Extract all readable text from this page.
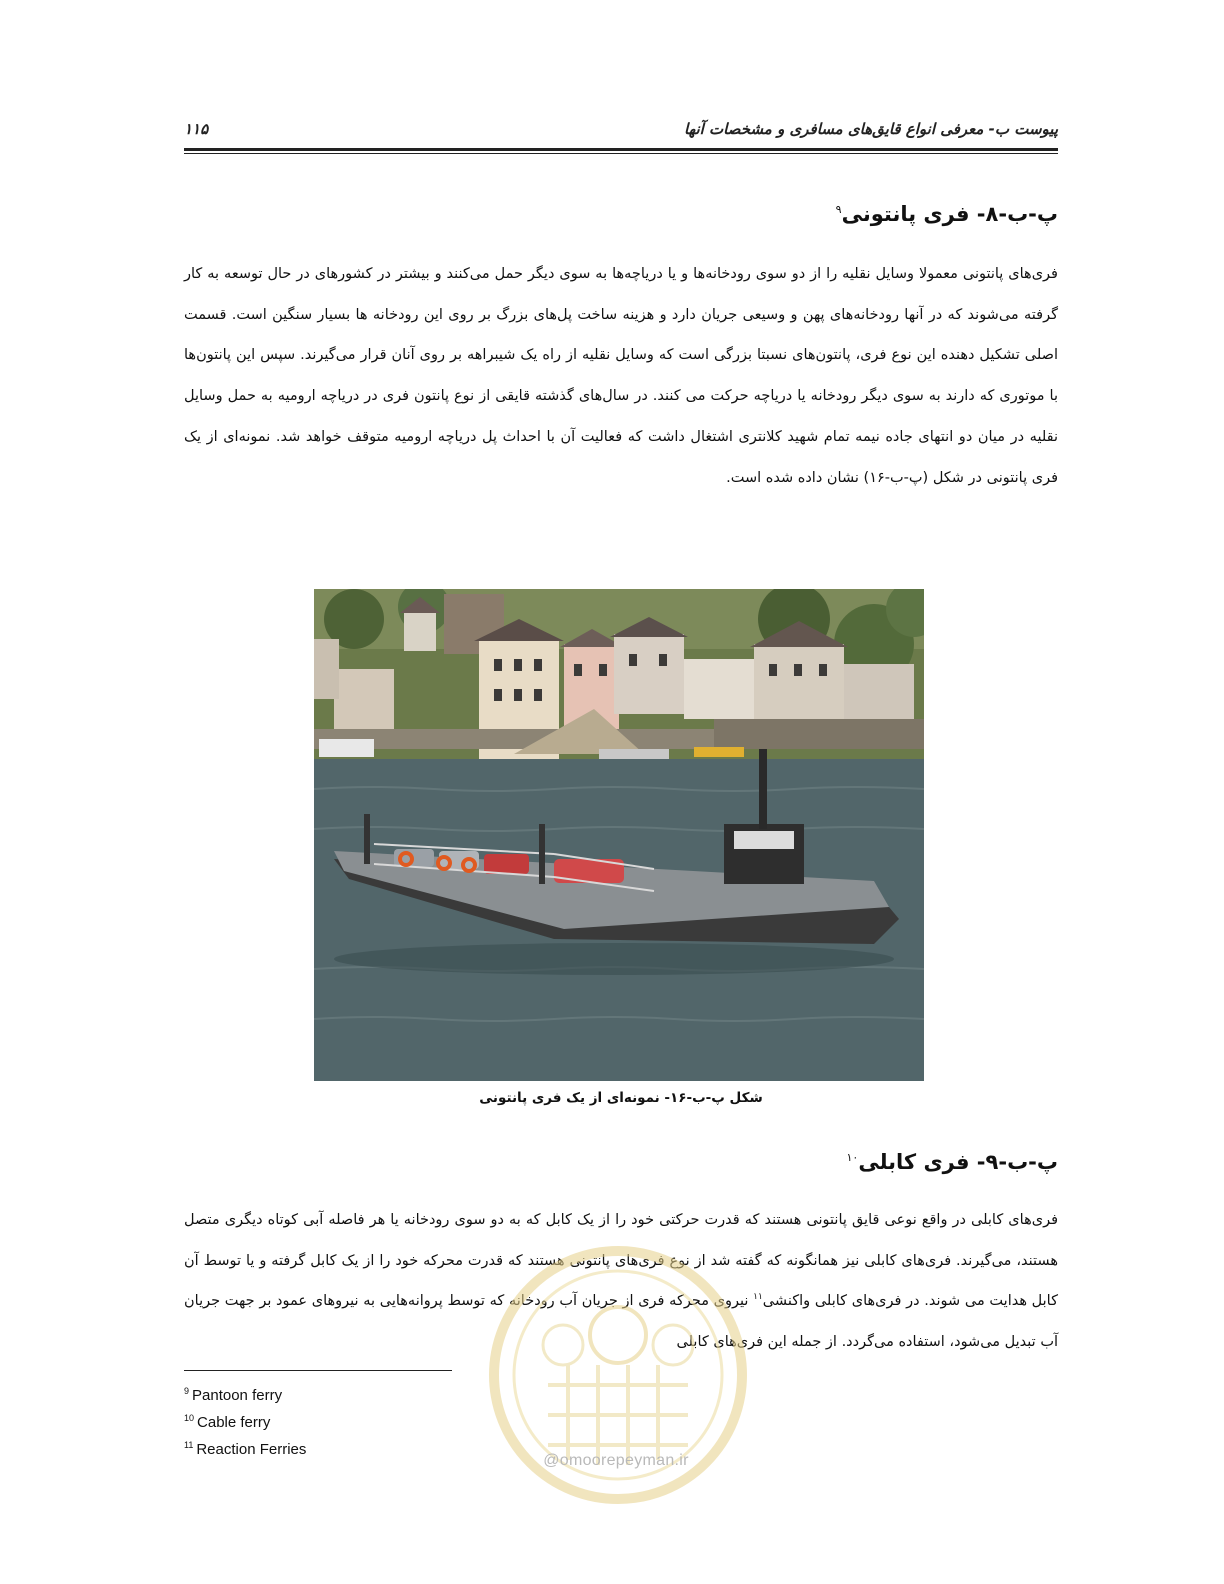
پیوست ب- معرفی انواع قایق‌های مسافری و مشخصات آنها
۱۱۵
پ-ب-۸- فری پانتونی$^۹$
فری‌های پانتونی معمولا وسایل نقلیه را از دو سوی رودخانه‌ها و یا دریاچه‌ها به سوی دیگر حمل می‌کنند و بیشتر در کشورهای در حال توسعه به کار گرفته می‌شوند که در آنها رودخانه‌های پهن و وسیعی جریان دارد و هزینه ساخت پل‌های بزرگ بر روی این رودخانه ها بسیار سنگین است. قسمت اصلی تشکیل دهنده این نوع فری، پانتون‌های نسبتا بزرگی است که وسایل نقلیه از راه یک شیبراهه بر روی آنان قرار می‌گیرند. سپس این پانتون‌ها با موتوری که دارند به سوی دیگر رودخانه یا دریاچه حرکت می کنند. در سال‌های گذشته قایقی از نوع پانتون فری در دریاچه ارومیه به حمل وسایل نقلیه در میان دو انتهای جاده نیمه تمام شهید کلانتری اشتغال داشت که فعالیت آن با احداث پل دریاچه ارومیه متوقف خواهد شد. نمونه‌ای از یک فری پانتونی در شکل (پ-ب-۱۶) نشان داده شده است.
شکل پ-ب-۱۶- نمونه‌ای از یک فری پانتونی
پ-ب-۹- فری کابلی$^{۱۰}$
فری‌های کابلی در واقع نوعی قایق پانتونی هستند که قدرت حرکتی خود را از یک کابل که به دو سوی رودخانه یا هر فاصله آبی کوتاه دیگری متصل هستند، می‌گیرند. فری‌های کابلی نیز همانگونه که گفته شد از نوع فری‌های پانتونی هستند که قدرت محرکه خود را از یک کابل گرفته و یا توسط آن کابل هدایت می شوند. در فری‌های کابلی واکنشی$^{۱۱}$ نیروی محرکه فری از جریان آب رودخانه که توسط پروانه‌هایی به نیروهای عمود بر جهت جریان آب تبدیل می‌شود، استفاده می‌گردد. از جمله این فری‌های کابلی
@omoorepeyman.ir
$^9$ Pantoon ferry
$^{10}$ Cable ferry
$^{11}$ Reaction Ferries
